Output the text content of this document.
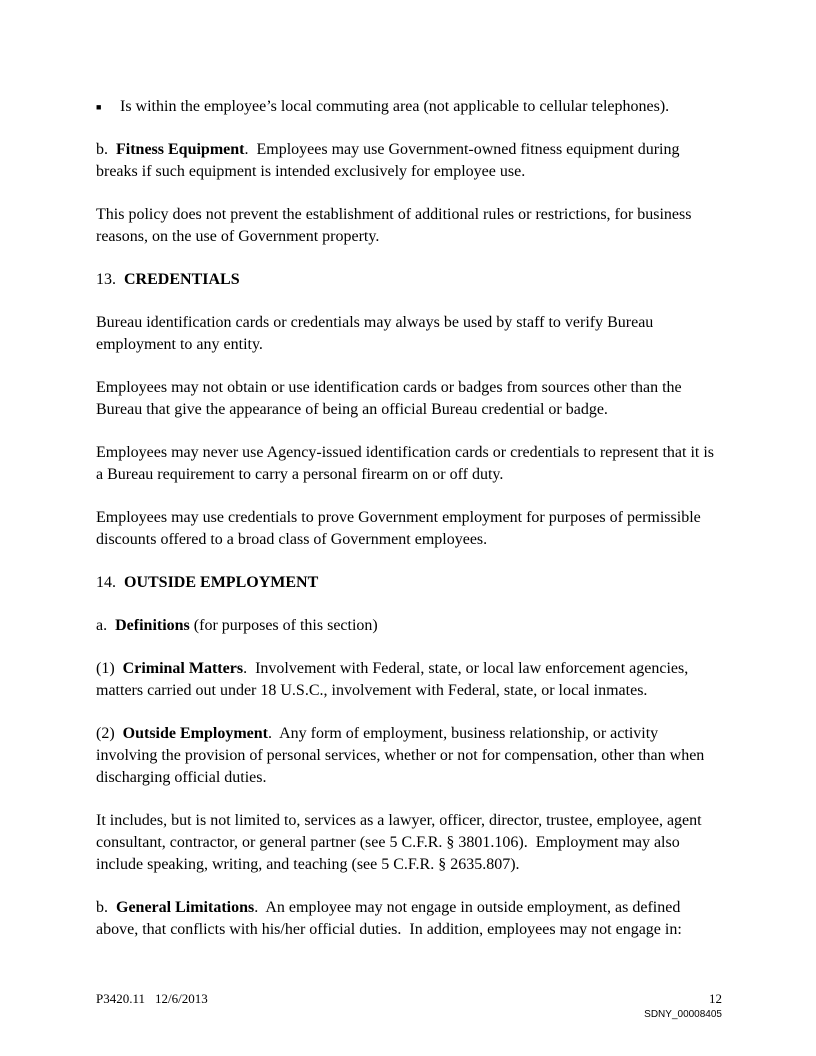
■	Is within the employee’s local commuting area (not applicable to cellular telephones).

b.  Fitness Equipment.  Employees may use Government-owned fitness equipment during breaks if such equipment is intended exclusively for employee use.

This policy does not prevent the establishment of additional rules or restrictions, for business reasons, on the use of Government property.

13.  CREDENTIALS

Bureau identification cards or credentials may always be used by staff to verify Bureau employment to any entity.

Employees may not obtain or use identification cards or badges from sources other than the Bureau that give the appearance of being an official Bureau credential or badge.

Employees may never use Agency-issued identification cards or credentials to represent that it is a Bureau requirement to carry a personal firearm on or off duty.

Employees may use credentials to prove Government employment for purposes of permissible discounts offered to a broad class of Government employees.

14.  OUTSIDE EMPLOYMENT

a.  Definitions (for purposes of this section)

(1)  Criminal Matters.  Involvement with Federal, state, or local law enforcement agencies, matters carried out under 18 U.S.C., involvement with Federal, state, or local inmates.

(2)  Outside Employment.  Any form of employment, business relationship, or activity involving the provision of personal services, whether or not for compensation, other than when discharging official duties.

It includes, but is not limited to, services as a lawyer, officer, director, trustee, employee, agent consultant, contractor, or general partner (see 5 C.F.R. § 3801.106).  Employment may also include speaking, writing, and teaching (see 5 C.F.R. § 2635.807).

b.  General Limitations.  An employee may not engage in outside employment, as defined above, that conflicts with his/her official duties.  In addition, employees may not engage in:

P3420.11 12/6/2013	12
SDNY_00008405
